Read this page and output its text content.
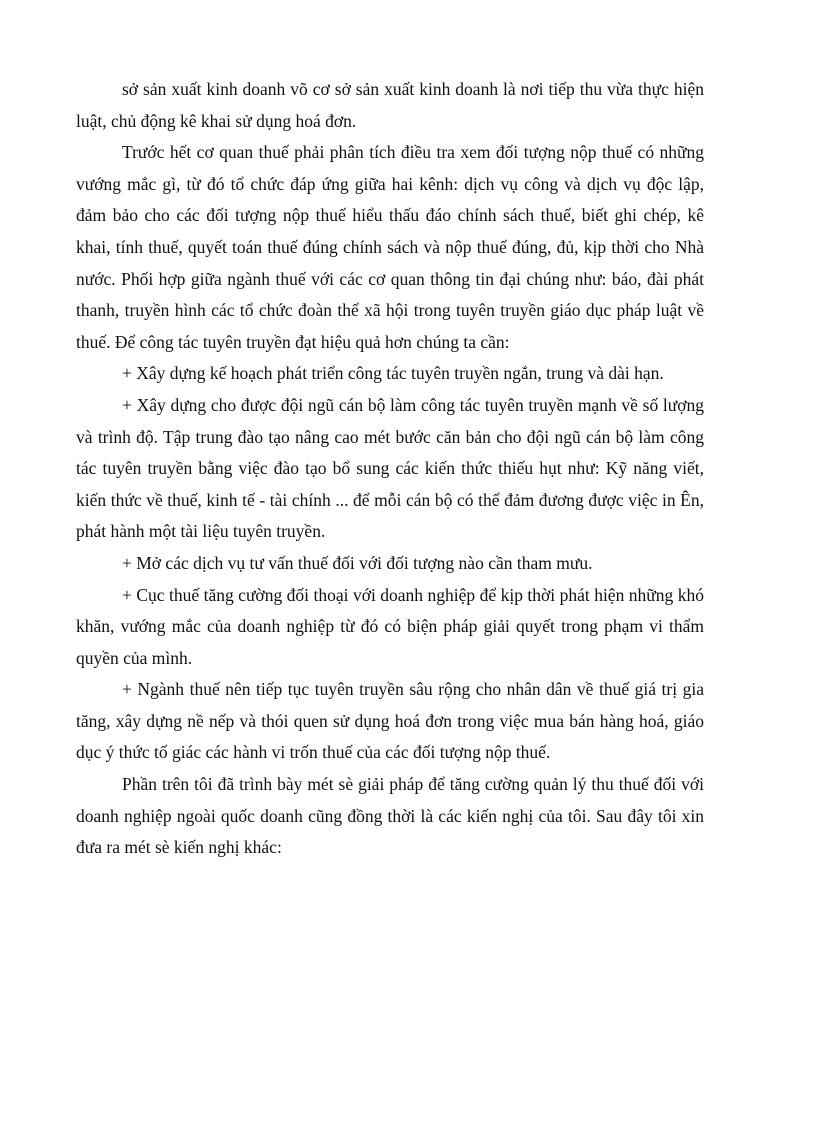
sở sản xuất kinh doanh võ cơ sở sản xuất kinh doanh là nơi tiếp thu vừa thực hiện luật, chủ động kê khai sử dụng hoá đơn.

Trước hết cơ quan thuế phải phân tích điều tra xem đối tượng nộp thuế có những vướng mắc gì, từ đó tổ chức đáp ứng giữa hai kênh: dịch vụ công và dịch vụ độc lập, đảm bảo cho các đối tượng nộp thuế hiểu thấu đáo chính sách thuế, biết ghi chép, kê khai, tính thuế, quyết toán thuế đúng chính sách và nộp thuế đúng, đủ, kịp thời cho Nhà nước. Phối hợp giữa ngành thuế với các cơ quan thông tin đại chúng như: báo, đài phát thanh, truyền hình các tổ chức đoàn thể xã hội trong tuyên truyền giáo dục pháp luật về thuế. Để công tác tuyên truyền đạt hiệu quả hơn chúng ta cần:

+ Xây dựng kế hoạch phát triển công tác tuyên truyền ngắn, trung và dài hạn.

+ Xây dựng cho được đội ngũ cán bộ làm công tác tuyên truyền mạnh về số lượng và trình độ. Tập trung đào tạo nâng cao mét bước căn bản cho đội ngũ cán bộ làm công tác tuyên truyền bằng việc đào tạo bổ sung các kiến thức thiếu hụt như: Kỹ năng viết, kiến thức về thuế, kinh tế - tài chính ... để mỗi cán bộ có thể đảm đương được việc in Ên, phát hành một tài liệu tuyên truyền.

+ Mở các dịch vụ tư vấn thuế đối với đối tượng nào cần tham mưu.

+ Cục thuế tăng cường đối thoại với doanh nghiệp để kịp thời phát hiện những khó khăn, vướng mắc của doanh nghiệp từ đó có biện pháp giải quyết trong phạm vi thẩm quyền của mình.

+ Ngành thuế nên tiếp tục tuyên truyền sâu rộng cho nhân dân về thuế giá trị gia tăng, xây dựng nề nếp và thói quen sử dụng hoá đơn trong việc mua bán hàng hoá, giáo dục ý thức tố giác các hành vi trốn thuế của các đối tượng nộp thuế.

Phần trên tôi đã trình bày mét sè giải pháp để tăng cường quản lý thu thuế đối với doanh nghiệp ngoài quốc doanh cũng đồng thời là các kiến nghị của tôi. Sau đây tôi xin đưa ra mét sè kiến nghị khác:
